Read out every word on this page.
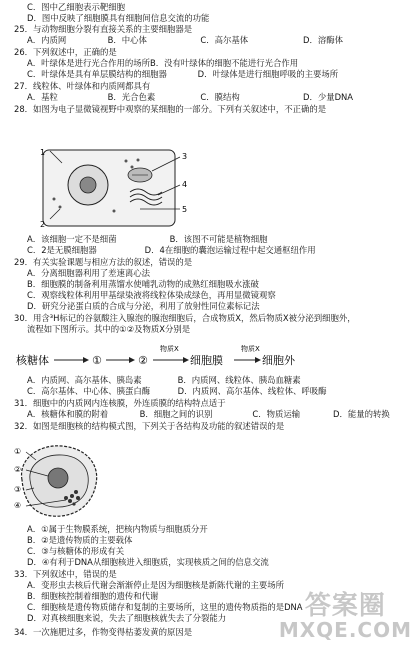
C．图中乙细胞表示靶细胞
D．图中反映了细胞膜具有细胞间信息交流的功能
25．与动物细胞分裂有直接关系的主要细胞器是
A．内质网	B．中心体	C．高尔基体	D．溶酶体
26．下列叙述中，正确的是
A．叶绿体是进行光合作用的场所B．没有叶绿体的细胞不能进行光合作用
C．叶绿体是具有单层膜结构的细胞器	D．叶绿体是进行细胞呼吸的主要场所
27．线粒体、叶绿体和内质网都具有
A．基粒	B．光合色素	C．膜结构	D．少量DNA
28．如图为电子显微镜视野中观察的某细胞的一部分。下列有关叙述中，不正确的是
1
2
3
4
5
A．该细胞一定不是细菌	B．该图不可能是植物细胞
C．2是无膜细胞器	D．4在细胞的囊泡运输过程中起交通枢纽作用
29．有关实验课题与相应方法的叙述，错误的是
A．分离细胞器利用了差速离心法
B．细胞膜的制备利用蒸馏水使哺乳动物的成熟红细胞吸水涨破
C．观察线粒体利用甲基绿染液将线粒体染成绿色，再用显微镜观察
D．研究分泌蛋白质的合成与分泌，利用了放射性同位素标记法
30．用含³H标记的谷氨酸注入腺泡的腺泡细胞后，合成物质X，然后物质X被分泌到细胞外，
流程如下图所示。其中的①②及物质X分别是
核糖体	①	②
物质X
细胞膜
物质X
细胞外
A．内质网、高尔基体、胰岛素	B．内质网、线粒体、胰岛血糖素
C．高尔基体、中心体、胰蛋白酶	D．内质网、高尔基体、线粒体、呼吸酶
31．细胞中的内质网内连核膜，外连质膜的结构特点适于
A．核糖体和膜的附着	B．细胞之间的识别	C．物质运输	D．能量的转换
32．如图是细胞核的结构模式图，下列关于各结构及功能的叙述错误的是
①
②
③
④
A．①属于生物膜系统，把核内物质与细胞质分开
B．②是遗传物质的主要载体
C．③与核糖体的形成有关
D．④有利于DNA从细胞核进入细胞质，实现核质之间的信息交流
33．下列叙述中，错误的是
A．变形虫去核后代谢会渐渐停止是因为细胞核是新陈代谢的主要场所
B．细胞核控制着细胞的遗传和代谢
C．细胞核是遗传物质储存和复制的主要场所，这里的遗传物质指的是DNA
D．对真核细胞来说，失去了细胞核就失去了分裂能力
34．一次施肥过多，作物变得枯萎发黄的原因是
答案圈
MXQE.COM
